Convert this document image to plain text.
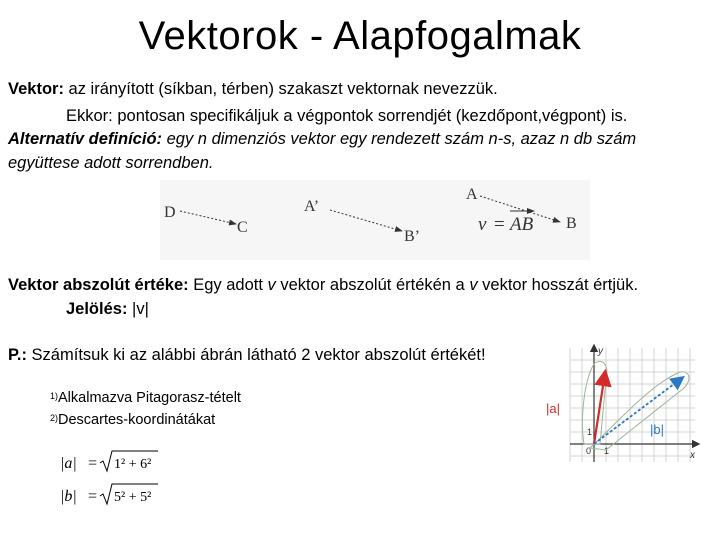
Vektorok - Alapfogalmak
Vektor: az irányított (síkban, térben) szakaszt vektornak nevezzük.
Ekkor: pontosan specifikáljuk a végpontok sorrendjét (kezdőpont,végpont) is.
Alternatív definíció: egy n dimenziós vektor egy rendezett szám n-s, azaz n db szám
együttese adott sorrendben.
D
C
A’
B’
A
B
v = AB
Vektor abszolút értéke: Egy adott v vektor abszolút értékén a v vektor hosszát értjük.
Jelölés: |v|
P.: Számítsuk ki az alábbi ábrán látható 2 vektor abszolút értékét!
$^{1)}$Alkalmazva Pitagorasz-tételt
$^{2)}$Descartes-koordinátákat
|a| = 1² + 6²
|b| = 5² + 5²
y
x
1
1
0
|a|
|b|
